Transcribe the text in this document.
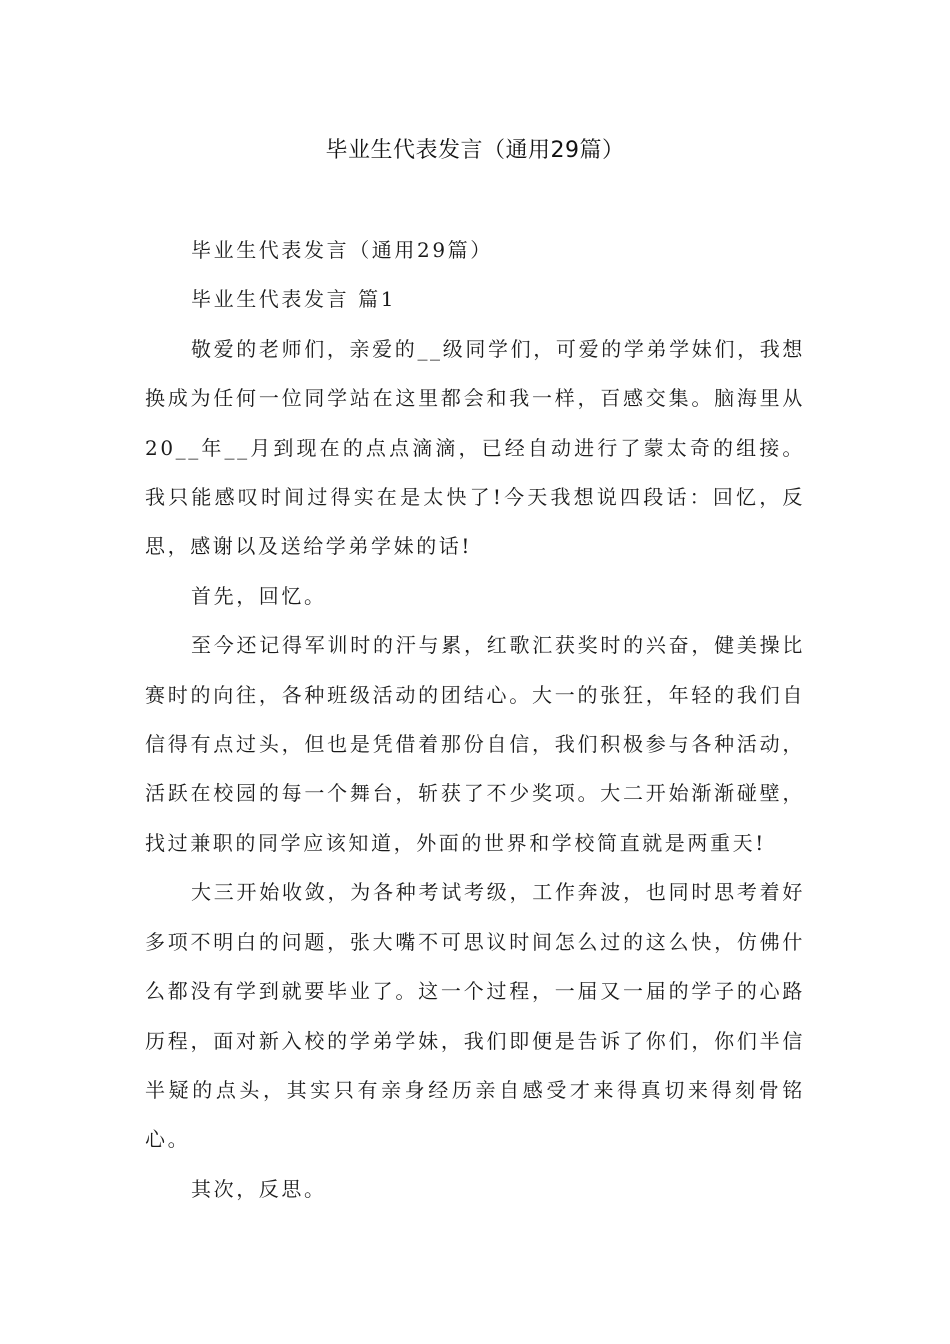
毕业生代表发言（通用29篇）

毕业生代表发言（通用29篇）

毕业生代表发言 篇1

敬爱的老师们，亲爱的__级同学们，可爱的学弟学妹们，我想换成为任何一位同学站在这里都会和我一样，百感交集。脑海里从20__年__月到现在的点点滴滴，已经自动进行了蒙太奇的组接。我只能感叹时间过得实在是太快了!今天我想说四段话：回忆，反思，感谢以及送给学弟学妹的话!

首先，回忆。

至今还记得军训时的汗与累，红歌汇获奖时的兴奋，健美操比赛时的向往，各种班级活动的团结心。大一的张狂，年轻的我们自信得有点过头，但也是凭借着那份自信，我们积极参与各种活动，活跃在校园的每一个舞台，斩获了不少奖项。大二开始渐渐碰壁，找过兼职的同学应该知道，外面的世界和学校简直就是两重天!

大三开始收敛，为各种考试考级，工作奔波，也同时思考着好多项不明白的问题，张大嘴不可思议时间怎么过的这么快，仿佛什么都没有学到就要毕业了。这一个过程，一届又一届的学子的心路历程，面对新入校的学弟学妹，我们即便是告诉了你们，你们半信半疑的点头，其实只有亲身经历亲自感受才来得真切来得刻骨铭心。

其次，反思。
